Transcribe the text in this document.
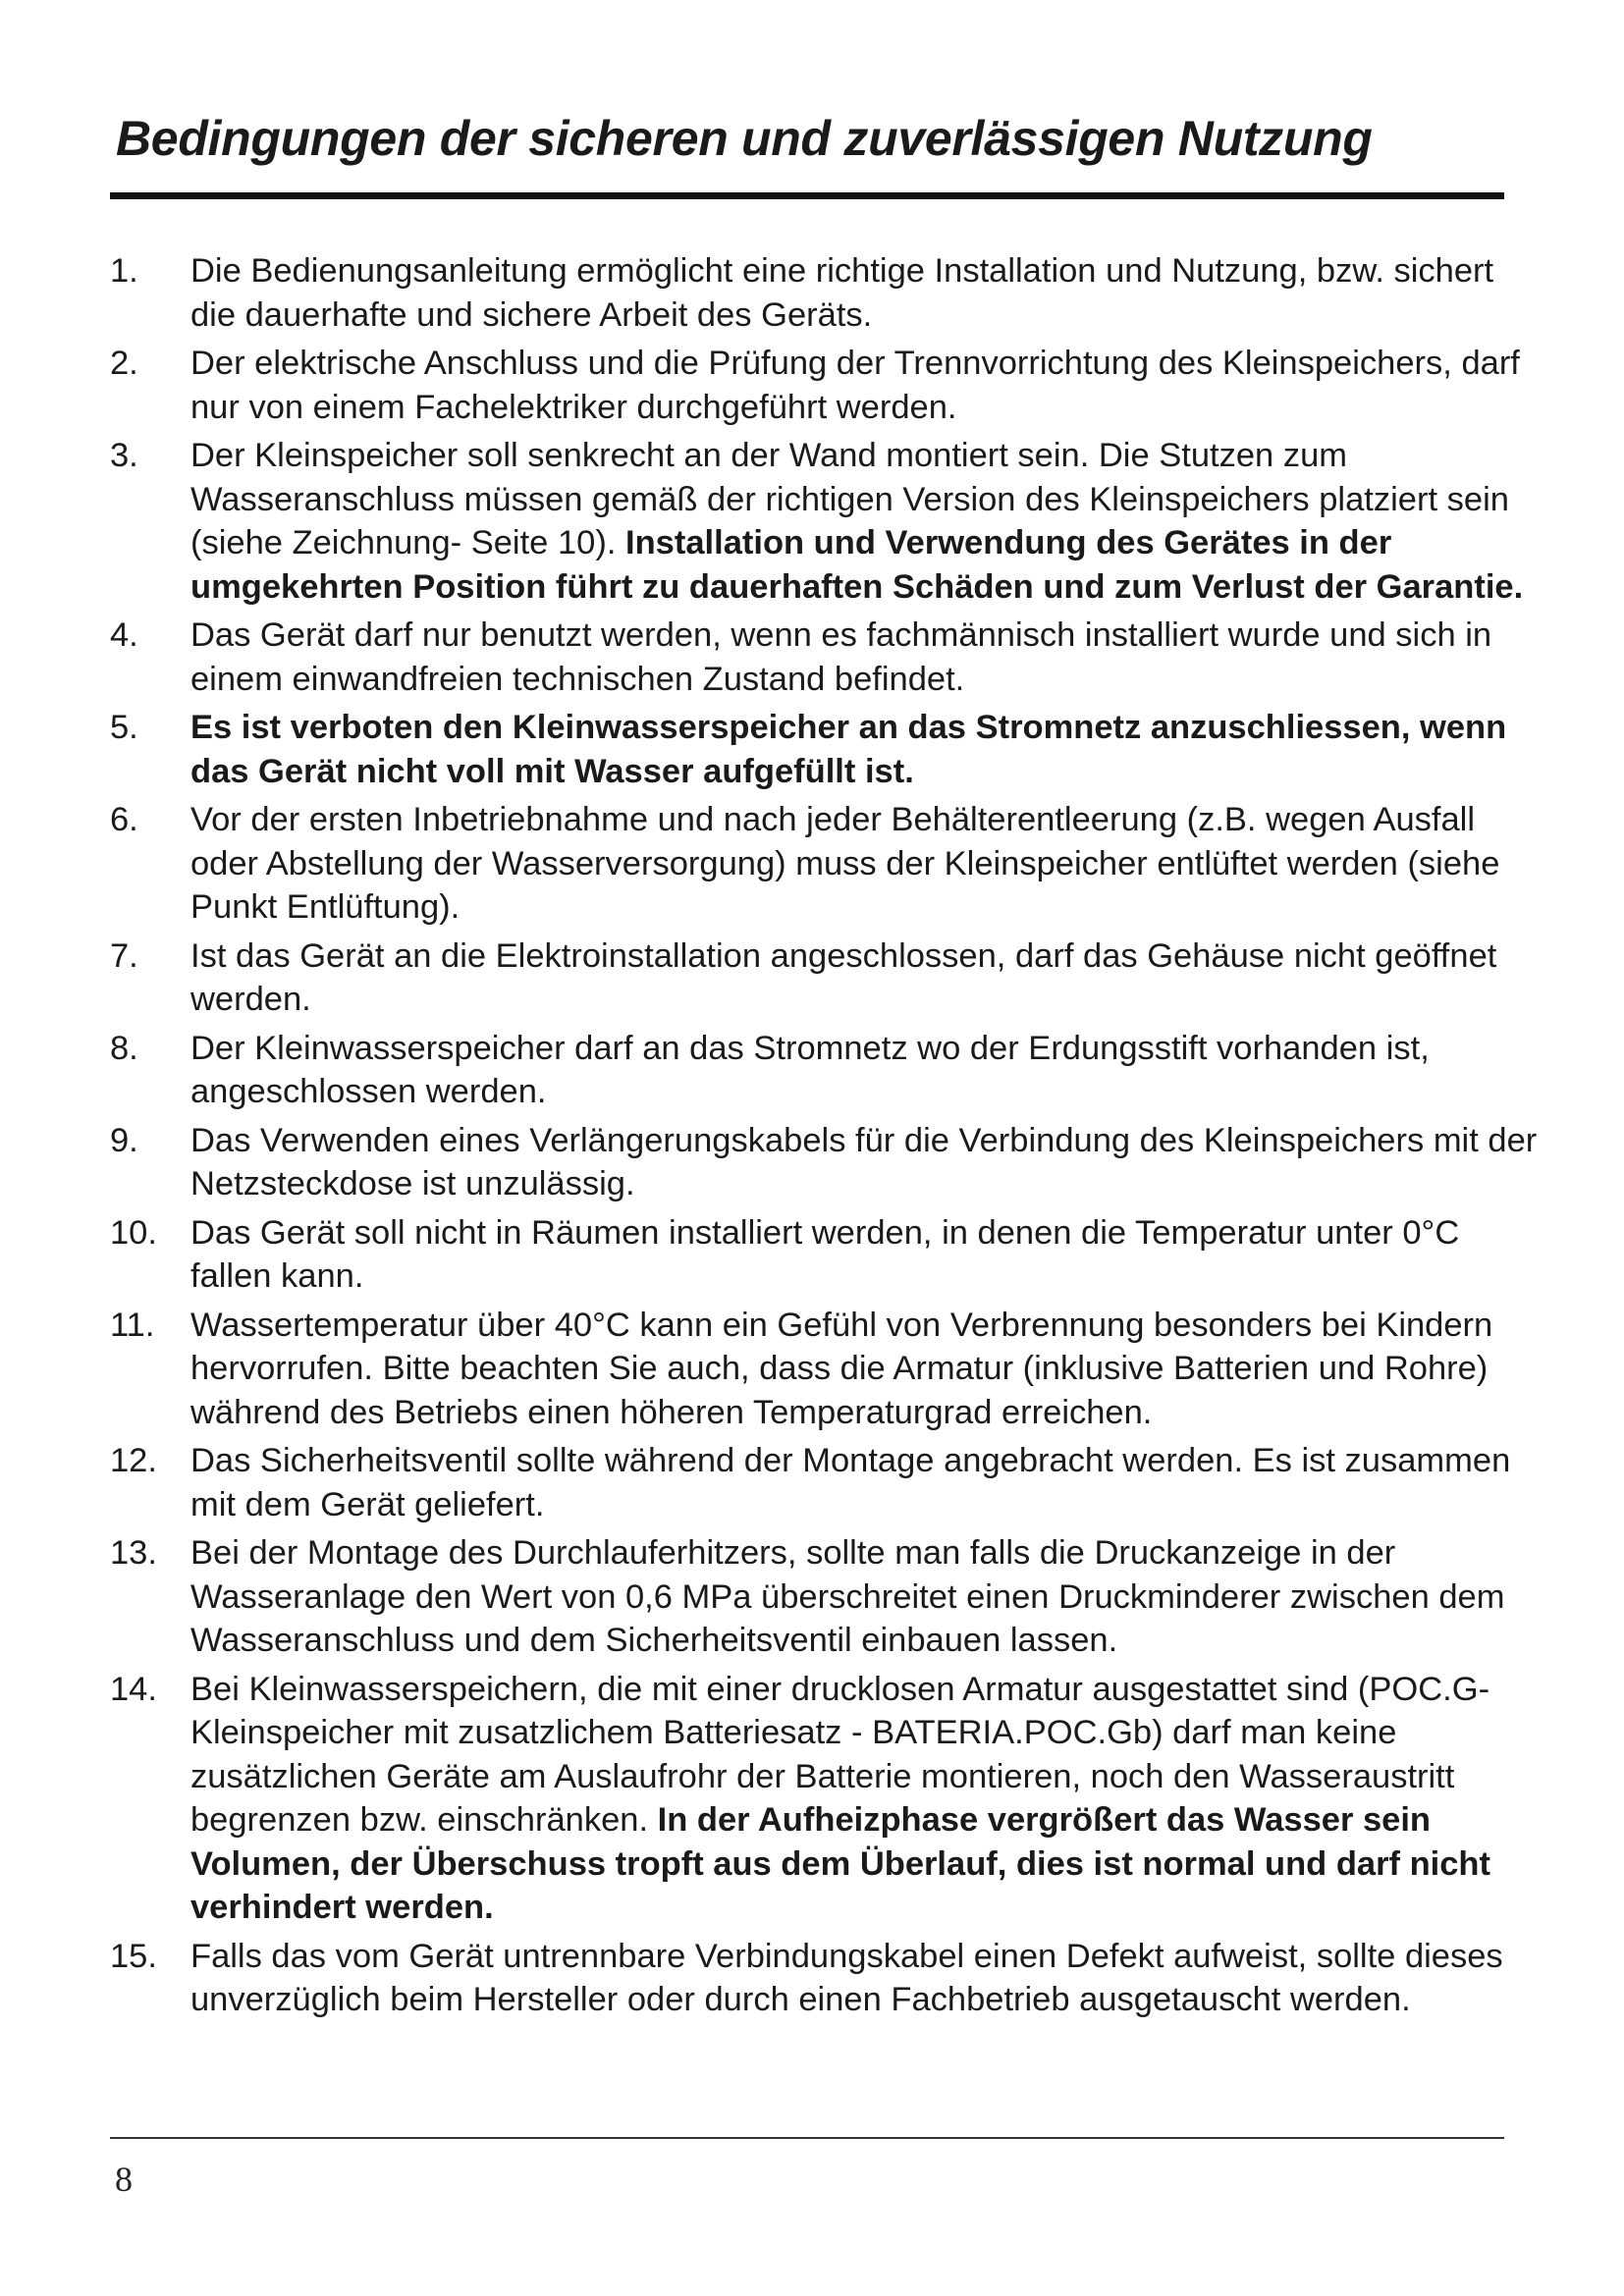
Bedingungen der sicheren und zuverlässigen Nutzung
1.	Die Bedienungsanleitung ermöglicht eine richtige Installation und Nutzung, bzw. sichert die dauerhafte und sichere Arbeit des Geräts.
2.	Der elektrische Anschluss und die Prüfung der Trennvorrichtung des Kleinspeichers, darf nur von einem Fachelektriker durchgeführt werden.
3.	Der Kleinspeicher soll senkrecht an der Wand montiert sein. Die Stutzen zum Wasseranschluss müssen gemäß der richtigen Version des Kleinspeichers platziert sein (siehe Zeichnung- Seite 10). Installation und Verwendung des Gerätes in der umgekehrten Position führt zu dauerhaften Schäden und zum Verlust der Garantie.
4.	Das Gerät darf nur benutzt werden, wenn es fachmännisch installiert wurde und sich in einem einwandfreien technischen Zustand befindet.
5.	Es ist verboten den Kleinwasserspeicher an das Stromnetz anzuschliessen, wenn das Gerät nicht voll mit Wasser aufgefüllt ist.
6.	Vor der ersten Inbetriebnahme und nach jeder Behälterentleerung (z.B. wegen Ausfall oder Abstellung der Wasserversorgung) muss der Kleinspeicher entlüftet werden (siehe Punkt Entlüftung).
7.	Ist das Gerät an die Elektroinstallation angeschlossen, darf das Gehäuse nicht geöffnet werden.
8.	Der Kleinwasserspeicher darf an das Stromnetz wo der Erdungsstift vorhanden ist, angeschlossen werden.
9.	Das Verwenden eines Verlängerungskabels für die Verbindung des Kleinspeichers mit der Netzsteckdose ist unzulässig.
10. Das Gerät soll nicht in Räumen installiert werden, in denen die Temperatur unter 0°C fallen kann.
11.	Wassertemperatur über 40°C kann ein Gefühl von Verbrennung besonders bei Kindern hervorrufen. Bitte beachten Sie auch, dass die Armatur (inklusive Batterien und Rohre) während des Betriebs einen höheren Temperaturgrad erreichen.
12. Das Sicherheitsventil sollte während der Montage angebracht werden. Es ist zusammen mit dem Gerät geliefert.
13. Bei der Montage des Durchlauferhitzers, sollte man falls die Druckanzeige in der Wasseranlage den Wert von 0,6 MPa überschreitet einen Druckminderer zwischen dem Wasseranschluss und dem Sicherheitsventil einbauen lassen.
14. Bei Kleinwasserspeichern, die mit einer drucklosen Armatur ausgestattet sind (POC.G-Kleinspeicher mit zusatzlichem Batteriesatz - BATERIA.POC.Gb) darf man keine zusätzlichen Geräte am Auslaufrohr der Batterie montieren, noch den Wasseraustritt begrenzen bzw. einschränken. In der Aufheizphase vergrößert das Wasser sein Volumen, der Überschuss tropft aus dem Überlauf, dies ist normal und darf nicht verhindert werden.
15. Falls das vom Gerät untrennbare Verbindungskabel einen Defekt aufweist, sollte dieses unverzüglich beim Hersteller oder durch einen Fachbetrieb ausgetauscht werden.
8
